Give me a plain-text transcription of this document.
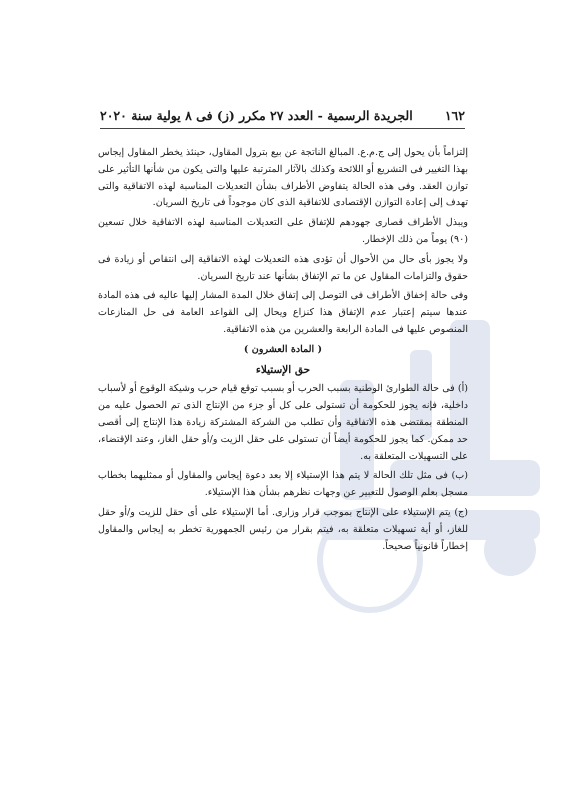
١٦٢
الجريدة الرسمية - العدد ٢٧ مكرر (ز) فى ٨ يولية سنة ٢٠٢٠

إلتزاماً بأن يحول إلى ج.م.ع. المبالغ الناتجة عن بيع بترول المقاول، حينئذ يخطر المقاول إيجاس بهذا التغيير فى التشريع أو اللائحة وكذلك بالآثار المترتبة عليها والتى يكون من شأنها التأثير على توازن العقد. وفى هذه الحالة يتفاوض الأطراف بشأن التعديلات المناسبة لهذه الاتفاقية والتى تهدف إلى إعادة التوازن الإقتصادى للاتفاقية الذى كان موجوداً فى تاريخ السريان.

ويبذل الأطراف قصارى جهودهم للإتفاق على التعديلات المناسبة لهذه الاتفاقية خلال تسعين (٩٠) يوماً من ذلك الإخطار.

ولا يجوز بأى حال من الأحوال أن تؤدى هذه التعديلات لهذه الاتفاقية إلى انتقاص أو زيادة فى حقوق والتزامات المقاول عن ما تم الإتفاق بشأنها عند تاريخ السريان.

وفى حالة إخفاق الأطراف فى التوصل إلى إتفاق خلال المدة المشار إليها عاليه فى هذه المادة عندها سيتم إعتبار عدم الإتفاق هذا كنزاع ويحال إلى القواعد العامة فى حل المنازعات المنصوص عليها فى المادة الرابعة والعشرين من هذه الاتفاقية.

( المادة العشرون )

حق الإستيلاء

(أ) فى حالة الطوارئ الوطنية بسبب الحرب أو بسبب توقع قيام حرب وشيكة الوقوع أو لأسباب داخلية، فإنه يجوز للحكومة أن تستولى على كل أو جزء من الإنتاج الذى تم الحصول عليه من المنطقة بمقتضى هذه الاتفاقية وأن تطلب من الشركة المشتركة زيادة هذا الإنتاج إلى أقصى حد ممكن. كما يجوز للحكومة أيضاً أن تستولى على حقل الزيت و/أو حقل الغاز، وعند الإقتضاء، على التسهيلات المتعلقة به.

(ب) فى مثل تلك الحالة لا يتم هذا الإستيلاء إلا بعد دعوة إيجاس والمقاول أو ممثليهما بخطاب مسجل بعلم الوصول للتعبير عن وجهات نظرهم بشأن هذا الإستيلاء.

(ج) يتم الإستيلاء على الإنتاج بموجب قرار وزارى. أما الإستيلاء على أى حقل للزيت و/أو حقل للغاز، أو أية تسهيلات متعلقة به، فيتم بقرار من رئيس الجمهورية تخطر به إيجاس والمقاول إخطاراً قانونياً صحيحاً.
